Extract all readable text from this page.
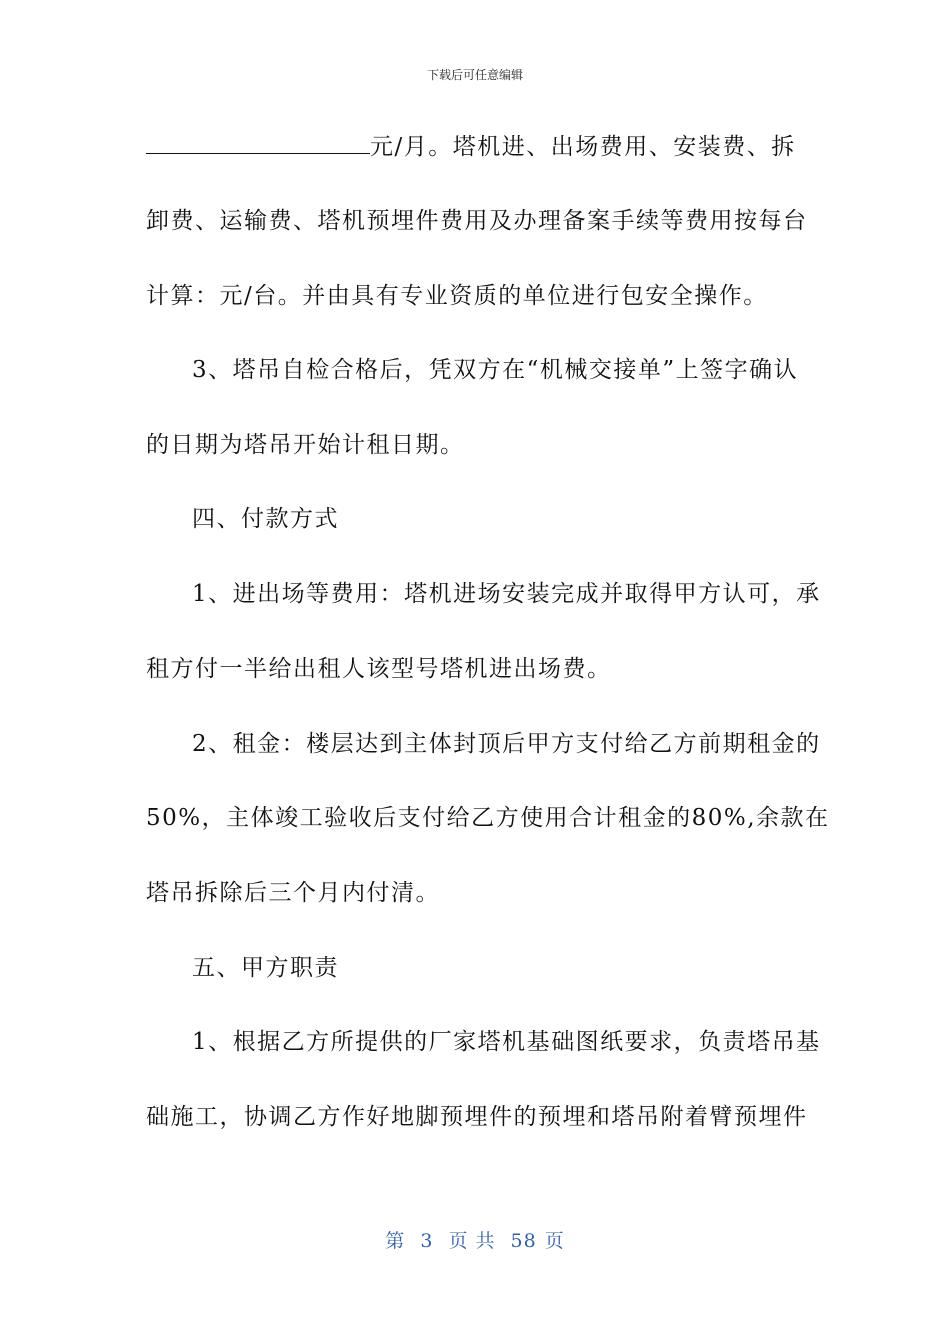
下载后可任意编辑
元/月。塔机进、出场费用、安装费、拆
卸费、运输费、塔机预埋件费用及办理备案手续等费用按每台
计算：元/台。并由具有专业资质的单位进行包安全操作。
3、塔吊自检合格后，凭双方在“机械交接单”上签字确认
的日期为塔吊开始计租日期。
四、付款方式
1、进出场等费用：塔机进场安装完成并取得甲方认可，承
租方付一半给出租人该型号塔机进出场费。
2、租金：楼层达到主体封顶后甲方支付给乙方前期租金的
50%，主体竣工验收后支付给乙方使用合计租金的80%,余款在
塔吊拆除后三个月内付清。
五、甲方职责
1、根据乙方所提供的厂家塔机基础图纸要求，负责塔吊基
础施工，协调乙方作好地脚预埋件的预埋和塔吊附着臂预埋件
第 3 页 共 58 页
